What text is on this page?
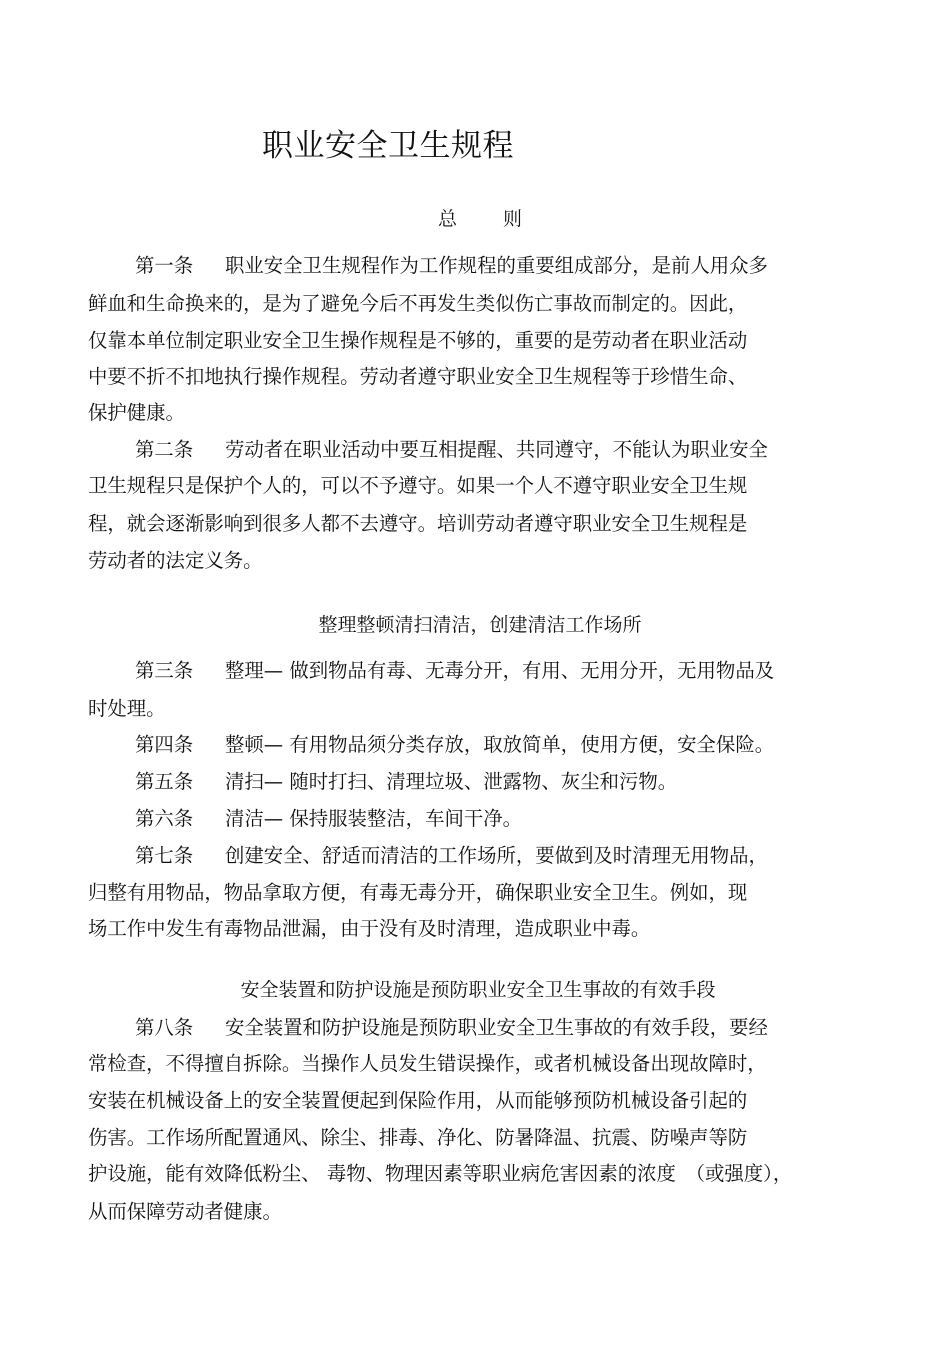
职业安全卫生规程
总 则
第一条 职业安全卫生规程作为工作规程的重要组成部分，是前人用众多
鲜血和生命换来的，是为了避免今后不再发生类似伤亡事故而制定的。因此，
仅靠本单位制定职业安全卫生操作规程是不够的，重要的是劳动者在职业活动
中要不折不扣地执行操作规程。劳动者遵守职业安全卫生规程等于珍惜生命、
保护健康。
第二条 劳动者在职业活动中要互相提醒、共同遵守，不能认为职业安全
卫生规程只是保护个人的，可以不予遵守。如果一个人不遵守职业安全卫生规
程，就会逐渐影响到很多人都不去遵守。培训劳动者遵守职业安全卫生规程是
劳动者的法定义务。
整理整顿清扫清洁，创建清洁工作场所
第三条 整理— 做到物品有毒、无毒分开，有用、无用分开，无用物品及
时处理。
第四条 整顿— 有用物品须分类存放，取放简单，使用方便，安全保险。
第五条 清扫— 随时打扫、清理垃圾、泄露物、灰尘和污物。
第六条 清洁— 保持服装整洁，车间干净。
第七条 创建安全、舒适而清洁的工作场所，要做到及时清理无用物品，
归整有用物品，物品拿取方便，有毒无毒分开，确保职业安全卫生。例如，现
场工作中发生有毒物品泄漏，由于没有及时清理，造成职业中毒。
安全装置和防护设施是预防职业安全卫生事故的有效手段
第八条 安全装置和防护设施是预防职业安全卫生事故的有效手段，要经
常检查，不得擅自拆除。当操作人员发生错误操作，或者机械设备出现故障时，
安装在机械设备上的安全装置便起到保险作用，从而能够预防机械设备引起的
伤害。工作场所配置通风、除尘、排毒、净化、防暑降温、抗震、防噪声等防
护设施，能有效降低粉尘、 毒物、物理因素等职业病危害因素的浓度　（或强度），
从而保障劳动者健康。
